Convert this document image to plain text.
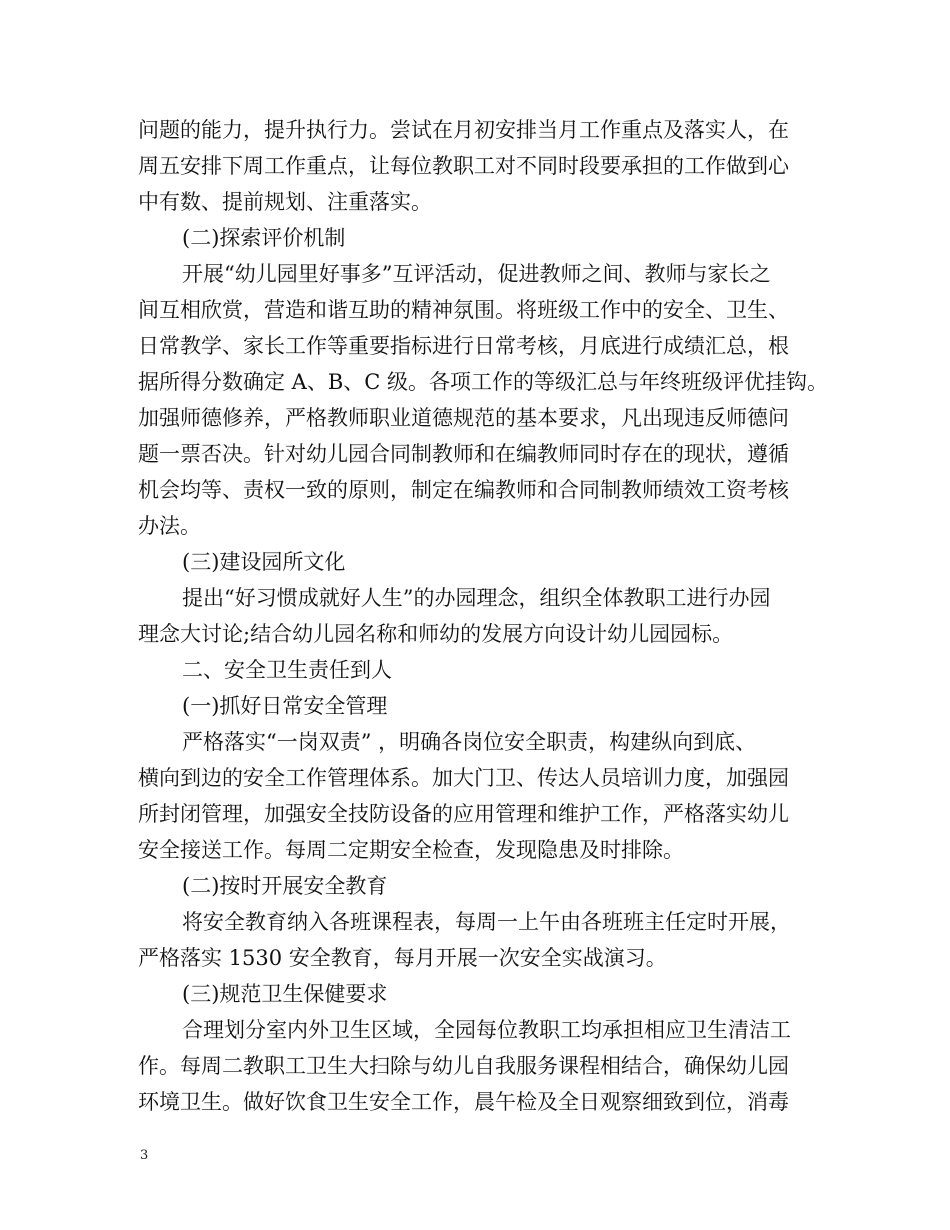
问题的能力，提升执行力。尝试在月初安排当月工作重点及落实人，在
周五安排下周工作重点，让每位教职工对不同时段要承担的工作做到心
中有数、提前规划、注重落实。
(二)探索评价机制
开展“幼儿园里好事多”互评活动，促进教师之间、教师与家长之
间互相欣赏，营造和谐互助的精神氛围。将班级工作中的安全、卫生、
日常教学、家长工作等重要指标进行日常考核，月底进行成绩汇总，根
据所得分数确定 A、B、C 级。各项工作的等级汇总与年终班级评优挂钩。
加强师德修养，严格教师职业道德规范的基本要求，凡出现违反师德问
题一票否决。针对幼儿园合同制教师和在编教师同时存在的现状，遵循
机会均等、责权一致的原则，制定在编教师和合同制教师绩效工资考核
办法。
(三)建设园所文化
提出“好习惯成就好人生”的办园理念，组织全体教职工进行办园
理念大讨论;结合幼儿园名称和师幼的发展方向设计幼儿园园标。
二、安全卫生责任到人
(一)抓好日常安全管理
严格落实“一岗双责” ，明确各岗位安全职责，构建纵向到底、
横向到边的安全工作管理体系。加大门卫、传达人员培训力度，加强园
所封闭管理，加强安全技防设备的应用管理和维护工作，严格落实幼儿
安全接送工作。每周二定期安全检查，发现隐患及时排除。
(二)按时开展安全教育
将安全教育纳入各班课程表，每周一上午由各班班主任定时开展，
严格落实 1530 安全教育，每月开展一次安全实战演习。
(三)规范卫生保健要求
合理划分室内外卫生区域，全园每位教职工均承担相应卫生清洁工
作。每周二教职工卫生大扫除与幼儿自我服务课程相结合，确保幼儿园
环境卫生。做好饮食卫生安全工作，晨午检及全日观察细致到位，消毒
3
